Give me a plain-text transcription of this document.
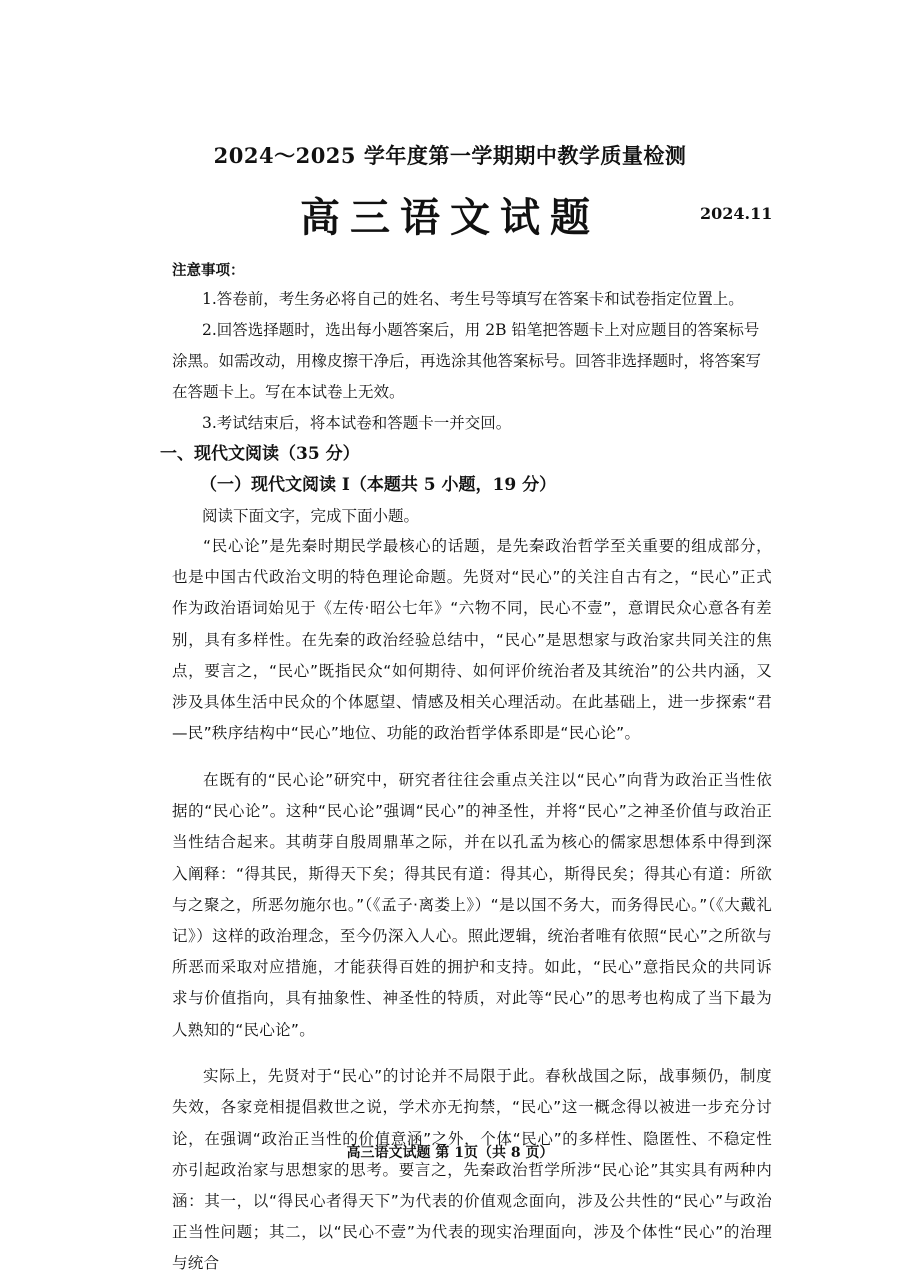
2024～2025 学年度第一学期期中教学质量检测
高三语文试题	2024.11
注意事项：
1.答卷前，考生务必将自己的姓名、考生号等填写在答案卡和试卷指定位置上。
2.回答选择题时，选出每小题答案后，用 2B 铅笔把答题卡上对应题目的答案标号涂黑。如需改动，用橡皮擦干净后，再选涂其他答案标号。回答非选择题时，将答案写在答题卡上。写在本试卷上无效。
3.考试结束后，将本试卷和答题卡一并交回。
一、现代文阅读（35 分）
（一）现代文阅读 I（本题共 5 小题，19 分）
阅读下面文字，完成下面小题。

“民心论”是先秦时期民学最核心的话题，是先秦政治哲学至关重要的组成部分，也是中国古代政治文明的特色理论命题。先贤对“民心”的关注自古有之，“民心”正式作为政治语词始见于《左传·昭公七年》“六物不同，民心不壹”，意谓民众心意各有差别，具有多样性。在先秦的政治经验总结中，“民心”是思想家与政治家共同关注的焦点，要言之，“民心”既指民众“如何期待、如何评价统治者及其统治”的公共内涵，又涉及具体生活中民众的个体愿望、情感及相关心理活动。在此基础上，进一步探索“君—民”秩序结构中“民心”地位、功能的政治哲学体系即是“民心论”。

在既有的“民心论”研究中，研究者往往会重点关注以“民心”向背为政治正当性依据的“民心论”。这种“民心论”强调“民心”的神圣性，并将“民心”之神圣价值与政治正当性结合起来。其萌芽自殷周鼎革之际，并在以孔孟为核心的儒家思想体系中得到深入阐释：“得其民，斯得天下矣；得其民有道：得其心，斯得民矣；得其心有道：所欲与之聚之，所恶勿施尔也。”（《孟子·离娄上》）“是以国不务大，而务得民心。”（《大戴礼记》）这样的政治理念，至今仍深入人心。照此逻辑，统治者唯有依照“民心”之所欲与所恶而采取对应措施，才能获得百姓的拥护和支持。如此，“民心”意指民众的共同诉求与价值指向，具有抽象性、神圣性的特质，对此等“民心”的思考也构成了当下最为人熟知的“民心论”。

实际上，先贤对于“民心”的讨论并不局限于此。春秋战国之际，战事频仍，制度失效，各家竞相提倡救世之说，学术亦无拘禁，“民心”这一概念得以被进一步充分讨论，在强调“政治正当性的价值意涵”之外，个体“民心”的多样性、隐匿性、不稳定性亦引起政治家与思想家的思考。要言之，先秦政治哲学所涉“民心论”其实具有两种内涵：其一，以“得民心者得天下”为代表的价值观念面向，涉及公共性的“民心”与政治正当性问题；其二，以“民心不壹”为代表的现实治理面向，涉及个体性“民心”的治理与统合

高三语文试题 第 1页（共 8 页）
